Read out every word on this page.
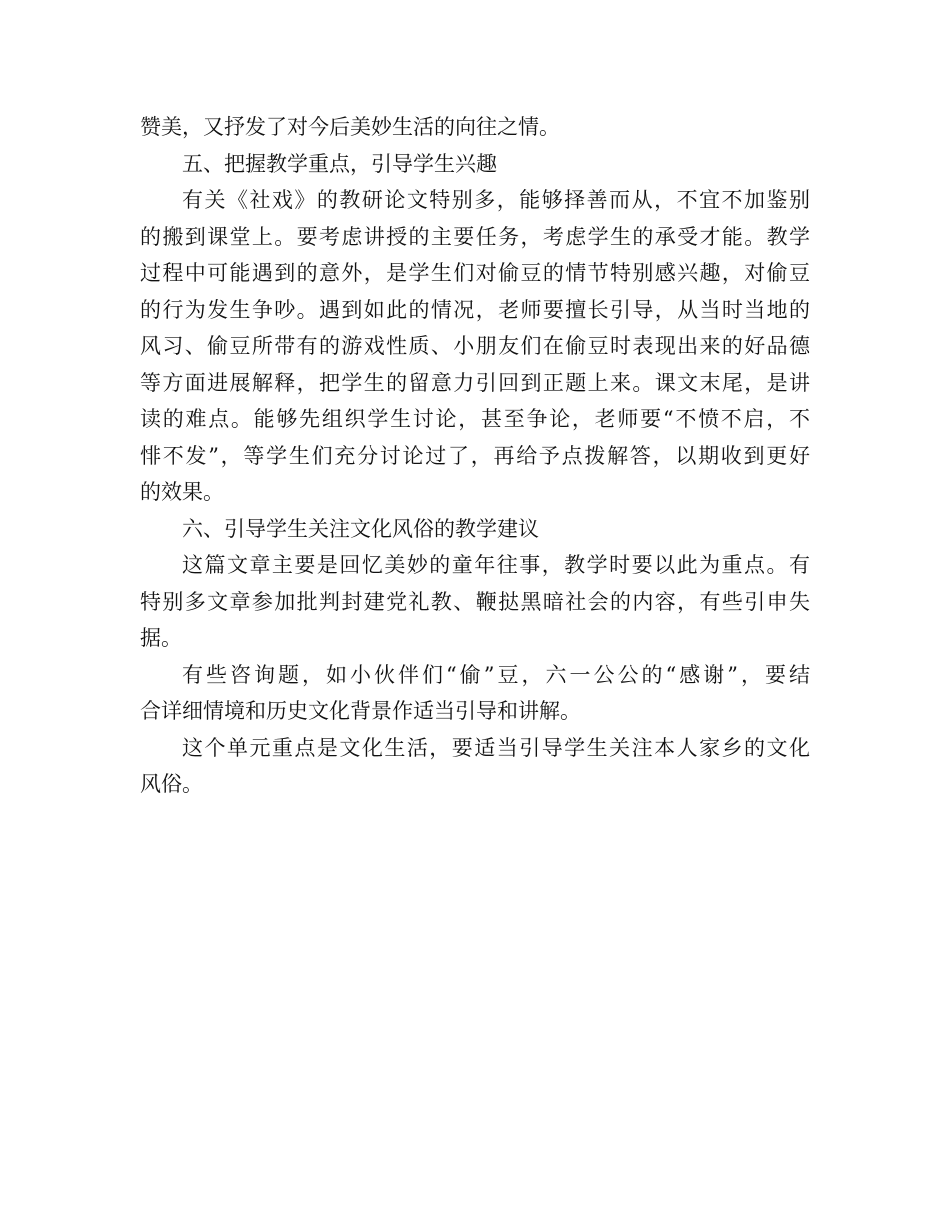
赞美，又抒发了对今后美妙生活的向往之情。
五、把握教学重点，引导学生兴趣
有关《社戏》的教研论文特别多，能够择善而从，不宜不加鉴别
的搬到课堂上。要考虑讲授的主要任务，考虑学生的承受才能。教学
过程中可能遇到的意外，是学生们对偷豆的情节特别感兴趣，对偷豆
的行为发生争吵。遇到如此的情况，老师要擅长引导，从当时当地的
风习、偷豆所带有的游戏性质、小朋友们在偷豆时表现出来的好品德
等方面进展解释，把学生的留意力引回到正题上来。课文末尾，是讲
读的难点。能够先组织学生讨论，甚至争论，老师要“不愤不启，不
悱不发”，等学生们充分讨论过了，再给予点拨解答，以期收到更好
的效果。
六、引导学生关注文化风俗的教学建议
这篇文章主要是回忆美妙的童年往事，教学时要以此为重点。有
特别多文章参加批判封建党礼教、鞭挞黑暗社会的内容，有些引申失
据。
有些咨询题，如小伙伴们“偷”豆，六一公公的“感谢”，要结
合详细情境和历史文化背景作适当引导和讲解。
这个单元重点是文化生活，要适当引导学生关注本人家乡的文化
风俗。
